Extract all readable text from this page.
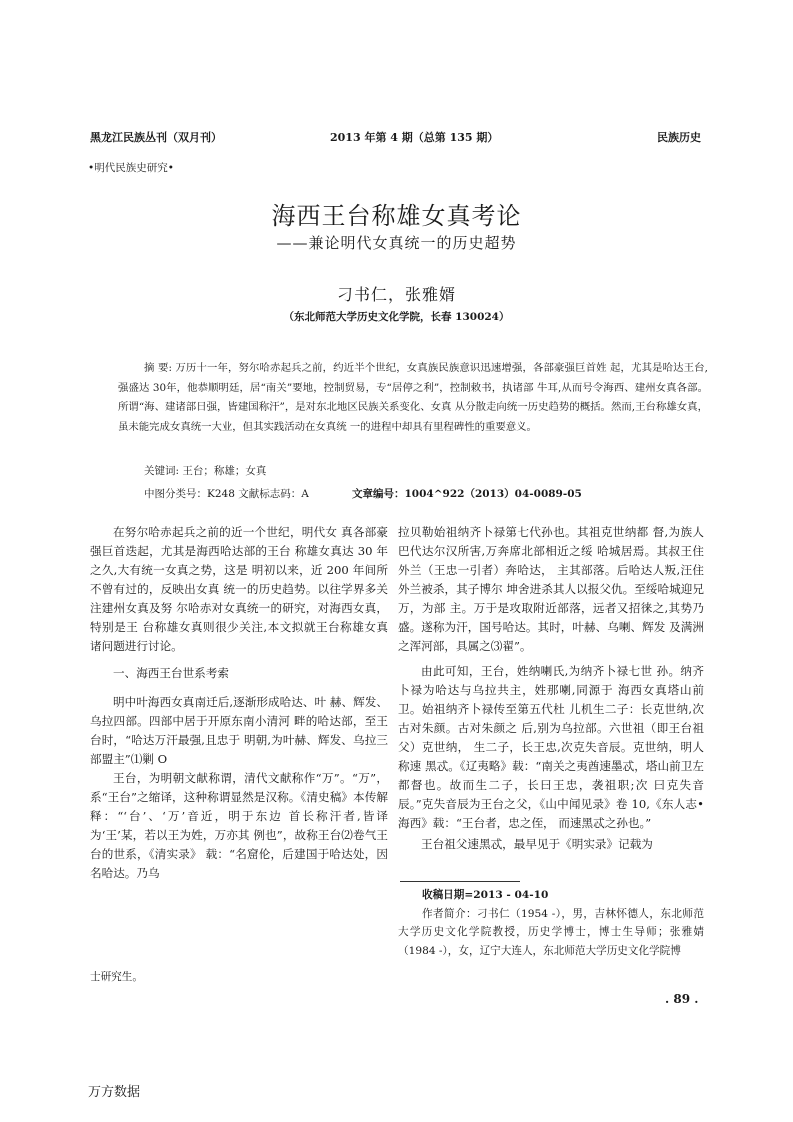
黑龙江民族丛刊（双月刊）	2013 年第 4 期（总第 135 期）	民族历史
•明代民族史研究•
海西王台称雄女真考论
——兼论明代女真统一的历史超势
刁书仁，张雅婿
（东北师范大学历史文化学院，长春 130024）
摘 要: 万历十一年，努尔哈赤起兵之前，约近半个世纪，女真族民族意识迅速增强，各部豪强巨首姓 起，尤其是哈达王台,强盛达 30年，他恭顺明廷，居“南关”要地，控制贸易，专“居停之利”，控制敕书，执诸部 牛耳,从而号令海西、建州女真各部。所谓“海、建诸部日强，皆建国称汗”，是对东北地区民族关系变化、女真 从分散走向统一历史趋势的概括。然而,王台称雄女真，虽未能完成女真统一大业，但其实践活动在女真统 一的进程中却具有里程碑性的重要意义。
关键词: 王台；称雄；女真
中图分类号：K248 文献标志码：A	文章编号：1004^922（2013）04-0089-05

在努尔哈赤起兵之前的近一个世纪，明代女 真各部豪强巨首迭起，尤其是海西哈达部的王台 称雄女真达 30 年之久,大有统一女真之势，这是 明初以来，近 200 年间所不曾有过的，反映出女真 统一的历史趋势。以往学界多关注建州女真及努 尔哈赤对女真统一的研究，对海西女真，特别是王 台称雄女真则很少关注,本文拟就王台称雄女真 诸问题进行讨论。

一、海西王台世系考索

明中叶海西女真南迁后,逐渐形成哈达、叶 赫、辉发、乌拉四部。四部中居于开原东南小清河 畔的哈达部，至王台时，“哈达万汗最强,且忠于 明朝,为叶赫、辉发、乌拉三部盟主”⑴剿 O

王台，为明朝文献称谓，清代文献称作“万”。“万”，系“王台”之缩译，这种称谓显然是汉称。《清史稿》本传解释：“‘台’、‘万’音近，明于东边 首长称汗者,皆译为‘王’某，若以王为姓，万亦其 例也”，故称王台⑵卷气王台的世系，《清实录》 载：“名窟伦，后建国于哈达处，因名哈达。乃乌

拉贝勒始祖纳齐卜禄第七代孙也。其祖克世纳都 督,为族人巴代达尔汉所害,万奔席北部相近之绥 哈城居焉。其叔王住外兰（王忠一引者）奔哈达， 主其部落。后哈达人叛,汪住外兰被杀，其子博尔 坤舍进杀其人以报父仇。至绥哈城迎兄万，为部 主。万于是攻取附近部落，远者又招徕之,其势乃 盛。遂称为汗，国号哈达。其时，叶赫、乌喇、辉发 及满洲之浑河部，具属之⑶翟”。

由此可知，王台，姓纳喇氏,为纳齐卜禄七世 孙。纳齐卜禄为哈达与乌拉共主，姓那喇,同源于 海西女真塔山前卫。始祖纳齐卜禄传至第五代杜 儿机生二子：长克世纳,次古对朱颜。古对朱颜之 后,别为乌拉部。六世祖（即王台祖父）克世纳， 生二子，长王忠,次克失音辰。克世纳，明人称速 黑忒。《辽夷略》载：“南关之夷酋速墨忒，塔山前卫左都督也。故而生二子，长曰王忠，袭祖职;次 曰克失音辰。”克失音辰为王台之父，《山中闻见录》卷 10,《东人志•海西》载：“王台者，忠之侄， 而速黑忒之孙也。”

王台祖父速黑忒，最早见于《明实录》记载为

收稿日期=2013 - 04-10
作者简介：刁书仁（1954 -），男，吉林怀德人，东北师范大学历史文化学院教授，历史学博士，博士生导师；张雅婧（1984 -），女，辽宁大连人，东北师范大学历史文化学院博
士研究生。
. 89 .
万方数据
